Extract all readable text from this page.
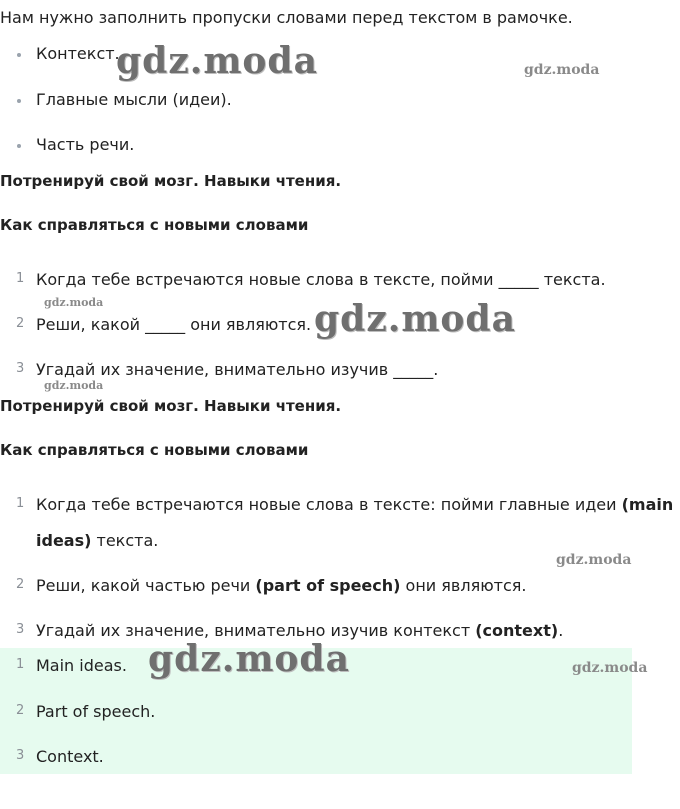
Нам нужно заполнить пропуски словами перед текстом в рамочке.
Контекст.
Главные мысли (идеи).
Часть речи.
Потренируй свой мозг. Навыки чтения.
Как справляться с новыми словами
1 Когда тебе встречаются новые слова в тексте, пойми _____ текста.
2 Реши, какой _____ они являются.
3 Угадай их значение, внимательно изучив _____.
Потренируй свой мозг. Навыки чтения.
Как справляться с новыми словами
1 Когда тебе встречаются новые слова в тексте: пойми главные идеи (main
ideas) текста.
2 Реши, какой частью речи (part of speech) они являются.
3 Угадай их значение, внимательно изучив контекст (context).
1 Main ideas.
2 Part of speech.
3 Context.
gdz.moda	gdz.moda
gdz.moda	gdz.moda
gdz.moda
gdz.moda
gdz.moda	gdz.moda
